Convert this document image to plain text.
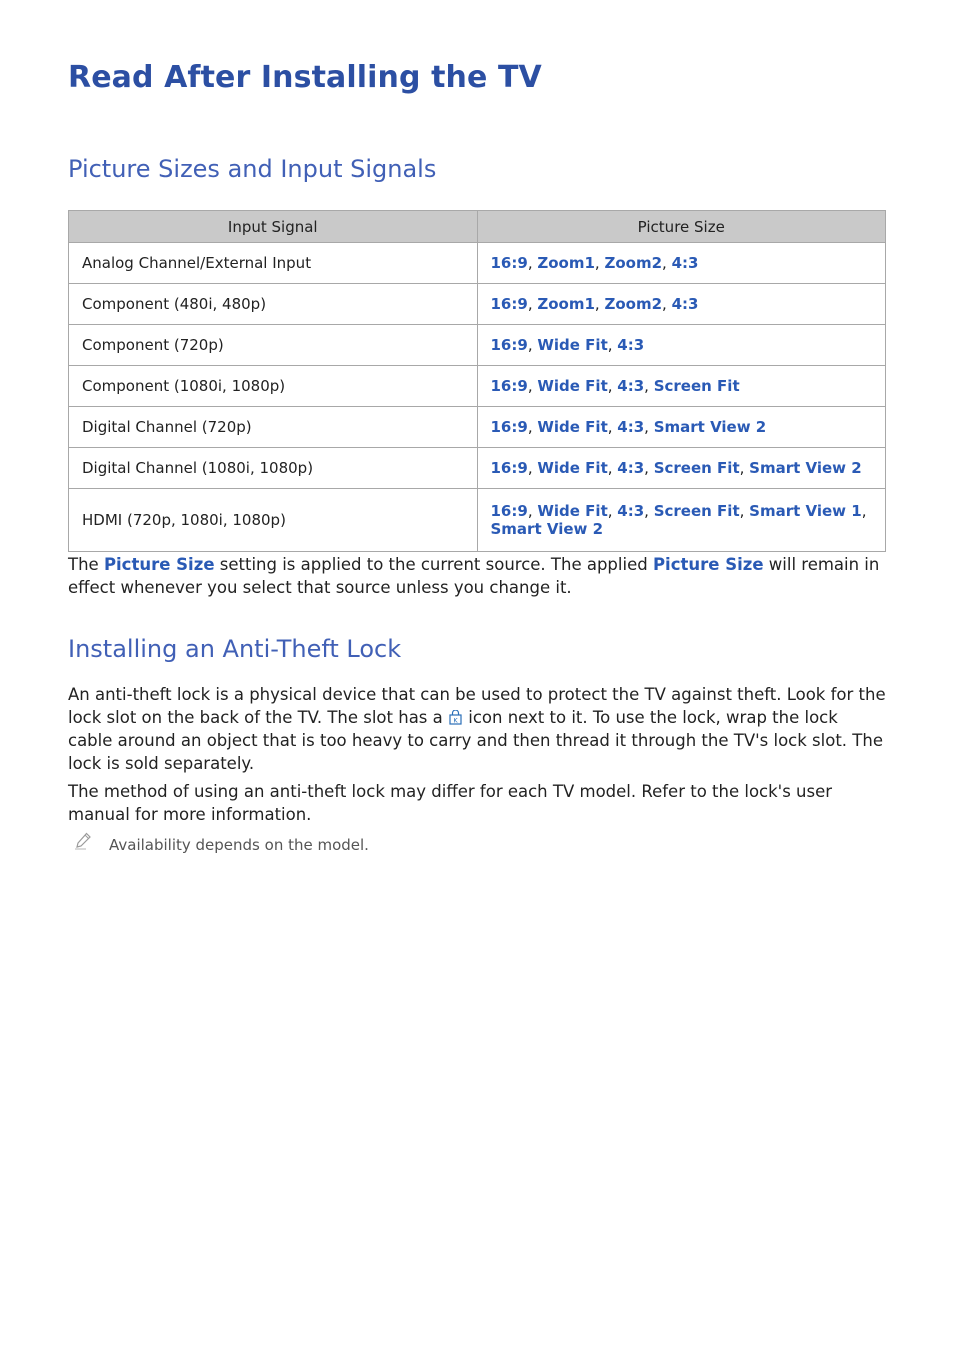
Read After Installing the TV
Picture Sizes and Input Signals
Input Signal	Picture Size
Analog Channel/External Input	16:9, Zoom1, Zoom2, 4:3
Component (480i, 480p)	16:9, Zoom1, Zoom2, 4:3
Component (720p)	16:9, Wide Fit, 4:3
Component (1080i, 1080p)	16:9, Wide Fit, 4:3, Screen Fit
Digital Channel (720p)	16:9, Wide Fit, 4:3, Smart View 2
Digital Channel (1080i, 1080p)	16:9, Wide Fit, 4:3, Screen Fit, Smart View 2
HDMI (720p, 1080i, 1080p)	16:9, Wide Fit, 4:3, Screen Fit, Smart View 1, Smart View 2

The Picture Size setting is applied to the current source. The applied Picture Size will remain in effect whenever you select that source unless you change it.

Installing an Anti-Theft Lock

An anti-theft lock is a physical device that can be used to protect the TV against theft. Look for the lock slot on the back of the TV. The slot has a K icon next to it. To use the lock, wrap the lock cable around an object that is too heavy to carry and then thread it through the TV's lock slot. The lock is sold separately.

The method of using an anti-theft lock may differ for each TV model. Refer to the lock's user manual for more information.

Availability depends on the model.
